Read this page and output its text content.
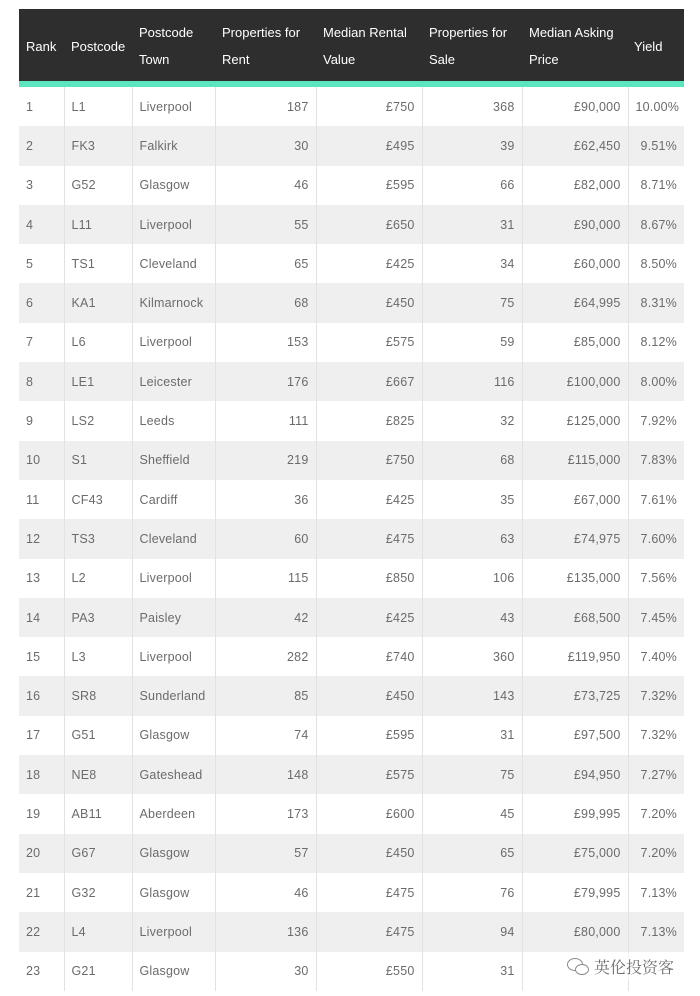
Rank	Postcode	Postcode Town	Properties for Rent	Median Rental Value	Properties for Sale	Median Asking Price	Yield

1	L1	Liverpool	187	£750	368	£90,000	10.00%
2	FK3	Falkirk	30	£495	39	£62,450	9.51%
3	G52	Glasgow	46	£595	66	£82,000	8.71%
4	L11	Liverpool	55	£650	31	£90,000	8.67%
5	TS1	Cleveland	65	£425	34	£60,000	8.50%
6	KA1	Kilmarnock	68	£450	75	£64,995	8.31%
7	L6	Liverpool	153	£575	59	£85,000	8.12%
8	LE1	Leicester	176	£667	116	£100,000	8.00%
9	LS2	Leeds	111	£825	32	£125,000	7.92%
10	S1	Sheffield	219	£750	68	£115,000	7.83%
11	CF43	Cardiff	36	£425	35	£67,000	7.61%
12	TS3	Cleveland	60	£475	63	£74,975	7.60%
13	L2	Liverpool	115	£850	106	£135,000	7.56%
14	PA3	Paisley	42	£425	43	£68,500	7.45%
15	L3	Liverpool	282	£740	360	£119,950	7.40%
16	SR8	Sunderland	85	£450	143	£73,725	7.32%
17	G51	Glasgow	74	£595	31	£97,500	7.32%
18	NE8	Gateshead	148	£575	75	£94,950	7.27%
19	AB11	Aberdeen	173	£600	45	£99,995	7.20%
20	G67	Glasgow	57	£450	65	£75,000	7.20%
21	G32	Glasgow	46	£475	76	£79,995	7.13%
22	L4	Liverpool	136	£475	94	£80,000	7.13%
23	G21	Glasgow	30	£550	31			英伦投资客
